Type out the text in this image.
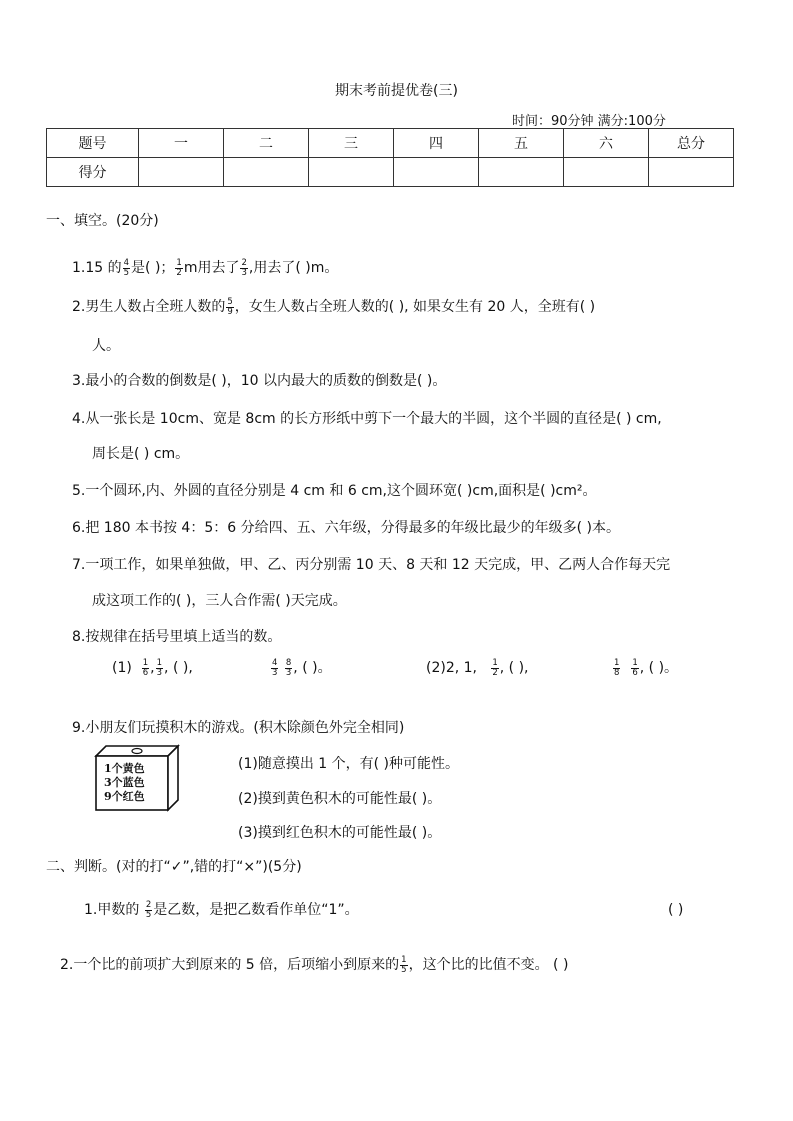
期末考前提优卷(三)
时间：90分钟 满分:100分
题号	一	二	三	四	五	六	总分
得分							
一、填空。(20分)
1.15 的 $\frac{4}{5}$ 是( )； $\frac{1}{2}$ m用去了 $\frac{2}{3}$ ,用去了( )m。
2.男生人数占全班人数的 $\frac{5}{9}$ ，女生人数占全班人数的( ), 如果女生有 20 人，全班有( )
人。
3.最小的合数的倒数是( )，10 以内最大的质数的倒数是( )。
4.从一张长是 10cm、宽是 8cm 的长方形纸中剪下一个最大的半圆，这个半圆的直径是( ) cm,
周长是( ) cm。
5.一个圆环,内、外圆的直径分别是 4 cm 和 6 cm,这个圆环宽( )cm,面积是( )cm²。
6.把 180 本书按 4：5：6 分给四、五、六年级，分得最多的年级比最少的年级多( )本。
7.一项工作，如果单独做，甲、乙、丙分别需 10 天、8 天和 12 天完成，甲、乙两人合作每天完
成这项工作的( )，三人合作需( )天完成。
8.按规律在括号里填上适当的数。
$(1) \frac{1}{6}$ , $\frac{1}{3}$ , ( ),	$\frac{4}{3}$
$\frac{8}{3}$ , ( )。	(2)2, 1, $\frac{1}{2}$ , ( ),	$\frac{1}{8}$
$\frac{1}{6}$ , ( )。
9.小朋友们玩摸积木的游戏。(积木除颜色外完全相同)
1个黄色
3个蓝色
9个红色
(1)随意摸出 1 个，有( )种可能性。
(2)摸到黄色积木的可能性最( )。
(3)摸到红色积木的可能性最( )。
二、判断。(对的打“✓”,错的打“×”)(5分)
1.甲数的 $\frac{2}{5}$ 是乙数，是把乙数看作单位“1”。	( )
2.一个比的前项扩大到原来的 5 倍，后项缩小到原来的 $\frac{1}{5}$ ，这个比的比值不变。 ( )
